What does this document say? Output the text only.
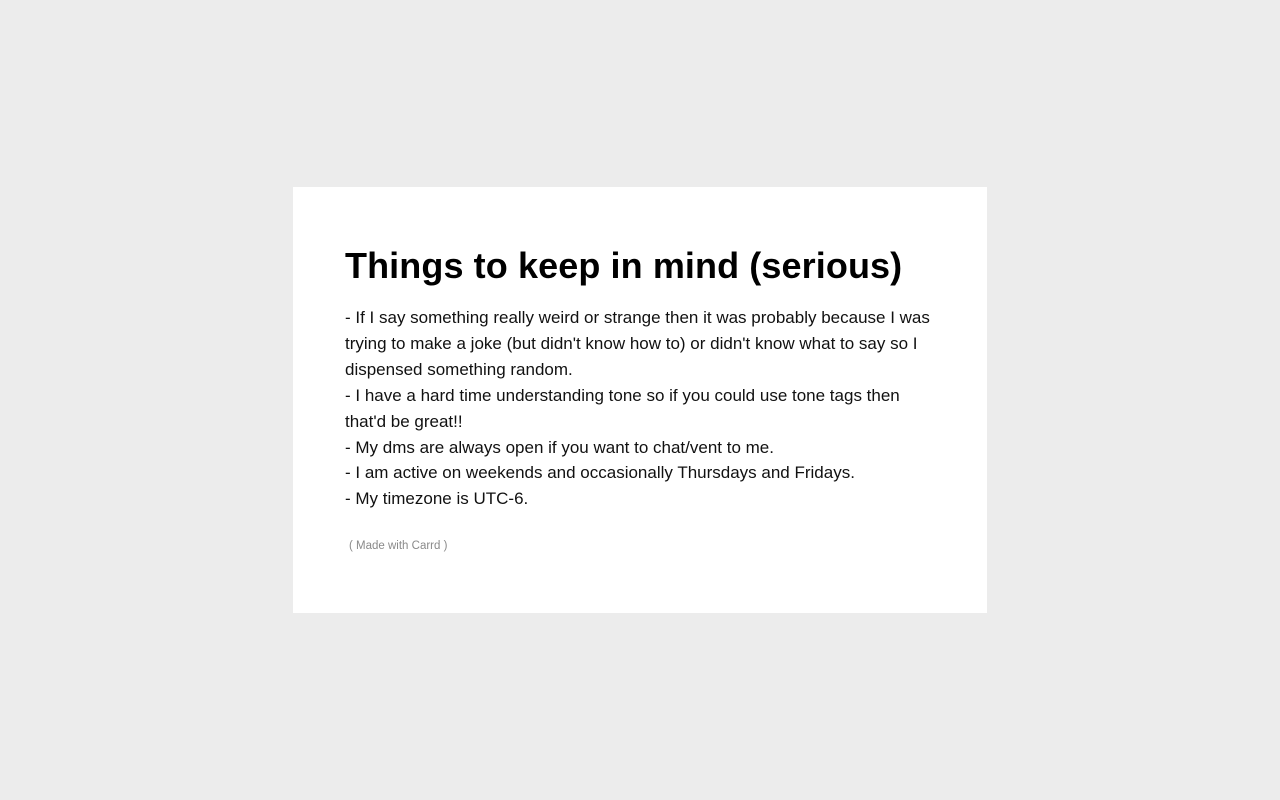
Things to keep in mind (serious)
- If I say something really weird or strange then it was probably because I was trying to make a joke (but didn't know how to) or didn't know what to say so I dispensed something random.
- I have a hard time understanding tone so if you could use tone tags then that'd be great!!
- My dms are always open if you want to chat/vent to me.
- I am active on weekends and occasionally Thursdays and Fridays.
- My timezone is UTC-6.
( Made with Carrd )
